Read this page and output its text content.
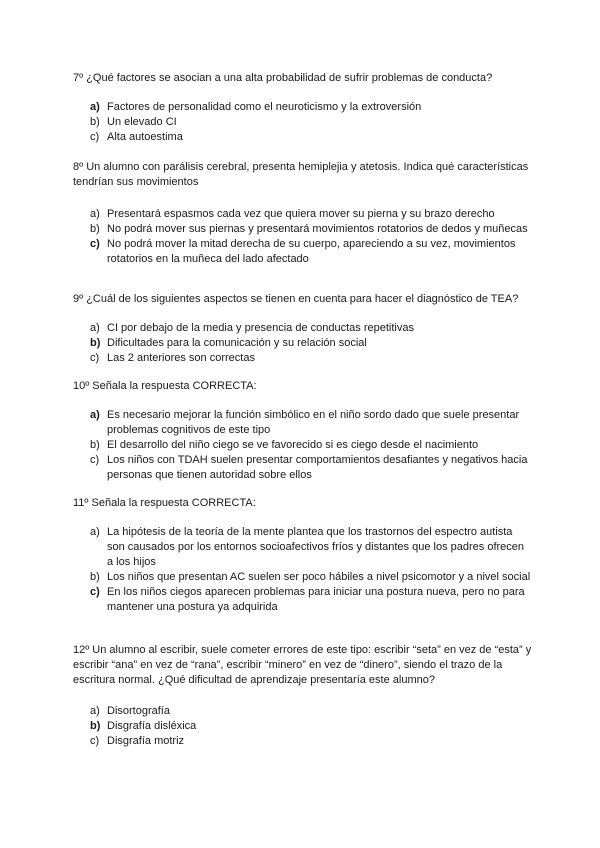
7º ¿Qué factores se asocian a una alta probabilidad de sufrir problemas de conducta?

a) Factores de personalidad como el neuroticismo y la extroversión
b) Un elevado CI
c) Alta autoestima

8º Un alumno con parálisis cerebral, presenta hemiplejia y atetosis. Indica qué características tendrían sus movimientos

a) Presentará espasmos cada vez que quiera mover su pierna y su brazo derecho
b) No podrá mover sus piernas y presentará movimientos rotatorios de dedos y muñecas
c) No podrá mover la mitad derecha de su cuerpo, apareciendo a su vez, movimientos rotatorios en la muñeca del lado afectado

9º ¿Cuál de los siguientes aspectos se tienen en cuenta para hacer el diagnóstico de TEA?

a) CI por debajo de la media y presencia de conductas repetitivas
b) Dificultades para la comunicación y su relación social
c) Las 2 anteriores son correctas

10º Señala la respuesta CORRECTA:

a) Es necesario mejorar la función simbólico en el niño sordo dado que suele presentar problemas cognitivos de este tipo
b) El desarrollo del niño ciego se ve favorecido si es ciego desde el nacimiento
c) Los niños con TDAH suelen presentar comportamientos desafiantes y negativos hacia personas que tienen autoridad sobre ellos

11º Señala la respuesta CORRECTA:

a) La hipótesis de la teoría de la mente plantea que los trastornos del espectro autista son causados por los entornos socioafectivos fríos y distantes que los padres ofrecen a los hijos
b) Los niños que presentan AC suelen ser poco hábiles a nivel psicomotor y a nivel social
c) En los niños ciegos aparecen problemas para iniciar una postura nueva, pero no para mantener una postura ya adquirida

12º Un alumno al escribir, suele cometer errores de este tipo: escribir “seta” en vez de “esta” y escribir “ana” en vez de “rana”, escribir “minero” en vez de “dinero”, siendo el trazo de la escritura normal. ¿Qué dificultad de aprendizaje presentaría este alumno?

a) Disortografía
b) Disgrafía disléxica
c) Disgrafía motriz
